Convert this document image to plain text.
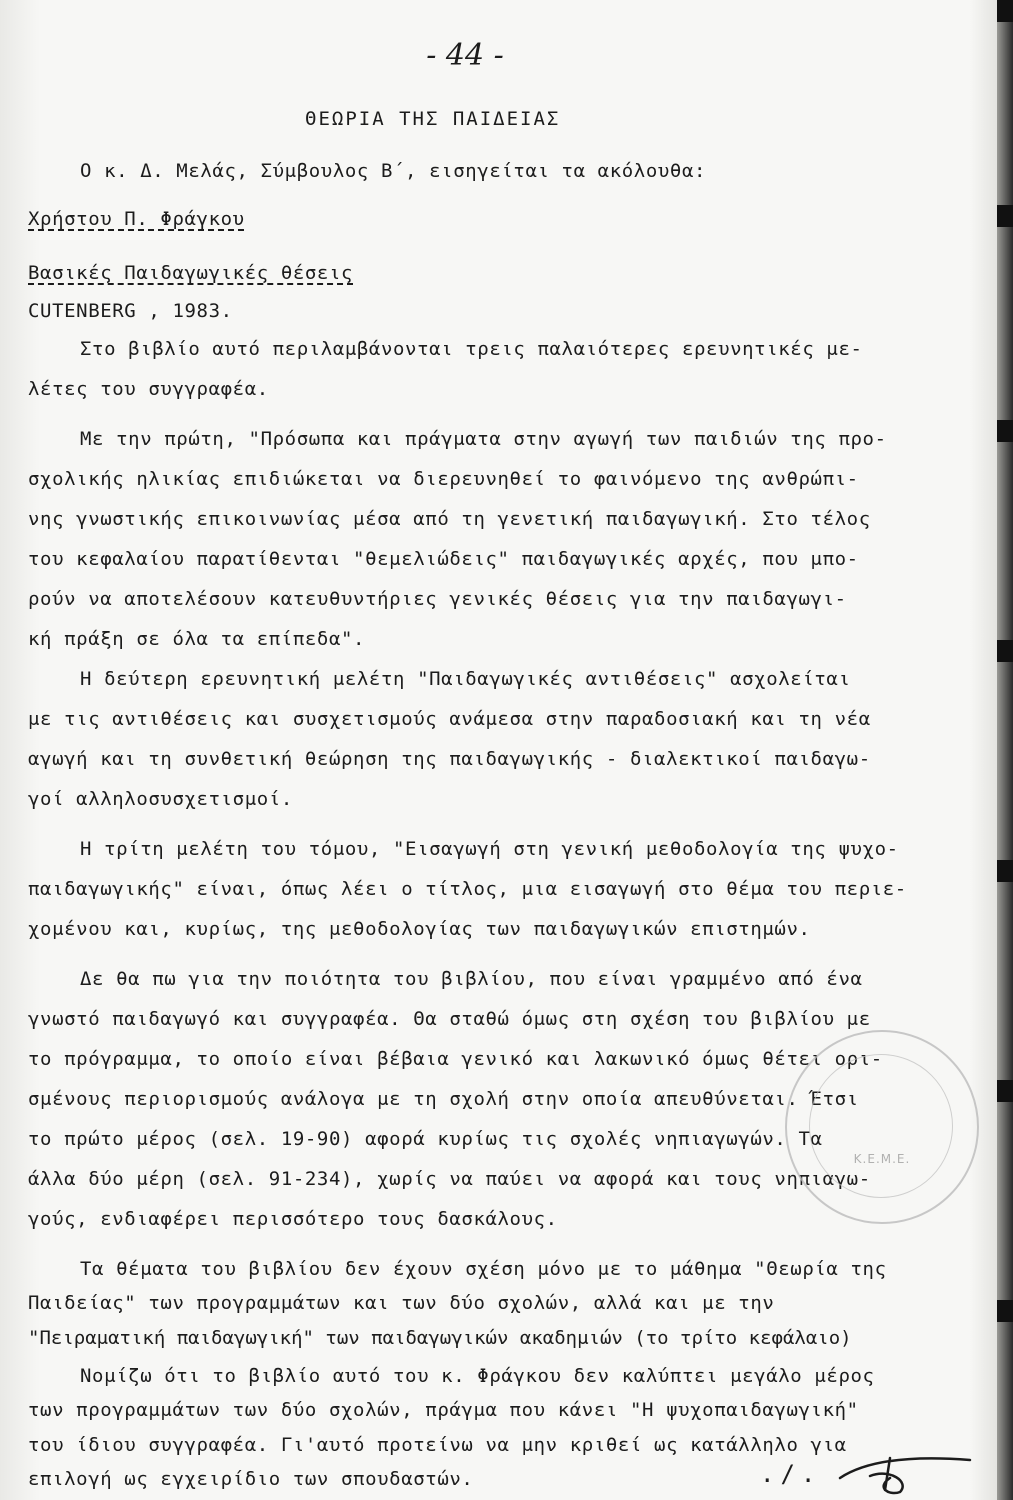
- 44 -
ΘΕΩΡΙΑ ΤΗΣ ΠΑΙΔΕΙΑΣ
Ο κ. Δ. Μελάς, Σύμβουλος Β΄, εισηγείται τα ακόλουθα:
Χρήστου Π. Φράγκου
Βασικές Παιδαγωγικές θέσεις
CUTENBERG , 1983.
Στο βιβλίο αυτό περιλαμβάνονται τρεις παλαιότερες ερευνητικές με-
λέτες του συγγραφέα.
Με την πρώτη, "Πρόσωπα και πράγματα στην αγωγή των παιδιών της προ-
σχολικής ηλικίας επιδιώκεται να διερευνηθεί το φαινόμενο της ανθρώπι-
νης γνωστικής επικοινωνίας μέσα από τη γενετική παιδαγωγική. Στο τέλος
του κεφαλαίου παρατίθενται "θεμελιώδεις" παιδαγωγικές αρχές, που μπο-
ρούν να αποτελέσουν κατευθυντήριες γενικές θέσεις για την παιδαγωγι-
κή πράξη σε όλα τα επίπεδα".
Η δεύτερη ερευνητική μελέτη "Παιδαγωγικές αντιθέσεις" ασχολείται
με τις αντιθέσεις και συσχετισμούς ανάμεσα στην παραδοσιακή και τη νέα
αγωγή και τη συνθετική θεώρηση της παιδαγωγικής - διαλεκτικοί παιδαγω-
γοί αλληλοσυσχετισμοί.
Η τρίτη μελέτη του τόμου, "Εισαγωγή στη γενική μεθοδολογία της ψυχο-
παιδαγωγικής" είναι, όπως λέει ο τίτλος, μια εισαγωγή στο θέμα του περιε-
χομένου και, κυρίως, της μεθοδολογίας των παιδαγωγικών επιστημών.
Δε θα πω για την ποιότητα του βιβλίου, που είναι γραμμένο από ένα
γνωστό παιδαγωγό και συγγραφέα. Θα σταθώ όμως στη σχέση του βιβλίου με
το πρόγραμμα, το οποίο είναι βέβαια γενικό και λακωνικό όμως θέτει ορι-
σμένους περιορισμούς ανάλογα με τη σχολή στην οποία απευθύνεται. Έτσι
το πρώτο μέρος (σελ. 19-90) αφορά κυρίως τις σχολές νηπιαγωγών. Τα
άλλα δύο μέρη (σελ. 91-234), χωρίς να παύει να αφορά και τους νηπιαγω-
γούς, ενδιαφέρει περισσότερο τους δασκάλους.
Τα θέματα του βιβλίου δεν έχουν σχέση μόνο με το μάθημα "Θεωρία της
Παιδείας" των προγραμμάτων και των δύο σχολών, αλλά και με την
"Πειραματική παιδαγωγική" των παιδαγωγικών ακαδημιών (το τρίτο κεφάλαιο)
Νομίζω ότι το βιβλίο αυτό του κ. Φράγκου δεν καλύπτει μεγάλο μέρος
των προγραμμάτων των δύο σχολών, πράγμα που κάνει "Η ψυχοπαιδαγωγική"
του ίδιου συγγραφέα. Γι'αυτό προτείνω να μην κριθεί ως κατάλληλο για
επιλογή ως εγχειρίδιο των σπουδαστών.
Κ.Ε.Μ.Ε.
./.
